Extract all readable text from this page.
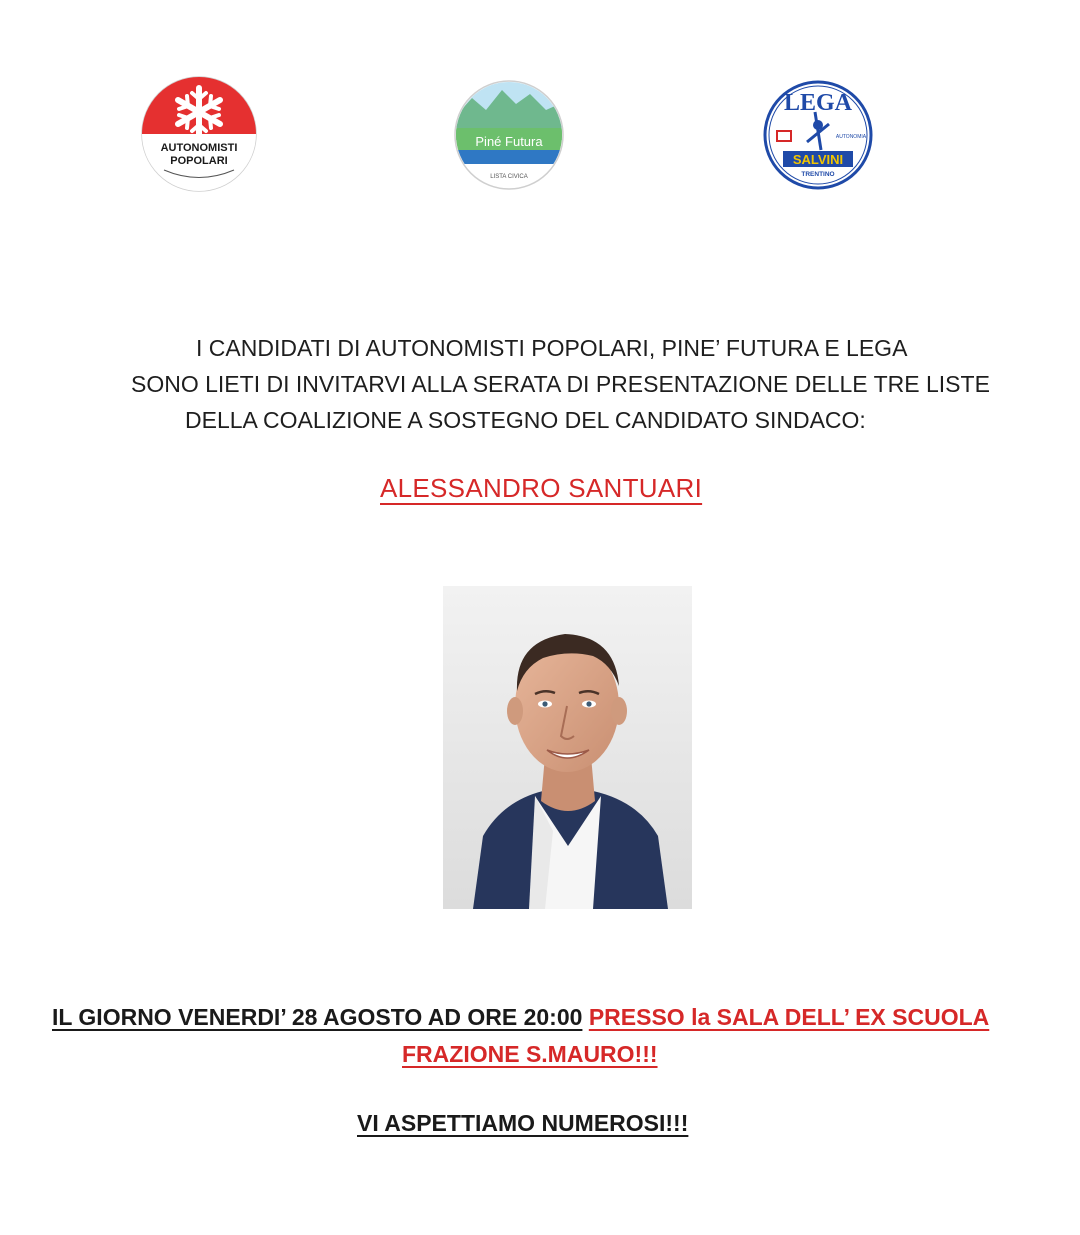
AUTONOMISTI
POPOLARI
Piné Futura
LISTA CIVICA
LEGA
AUTONOMIA
SALVINI
TRENTINO
I CANDIDATI DI AUTONOMISTI POPOLARI, PINE’ FUTURA E LEGA
SONO LIETI DI INVITARVI ALLA SERATA DI PRESENTAZIONE DELLE TRE LISTE
DELLA COALIZIONE A SOSTEGNO DEL CANDIDATO SINDACO:
ALESSANDRO SANTUARI
IL GIORNO VENERDI’ 28 AGOSTO AD ORE 20:00 PRESSO la SALA DELL’ EX SCUOLA
FRAZIONE S.MAURO!!!
VI ASPETTIAMO NUMEROSI!!!
